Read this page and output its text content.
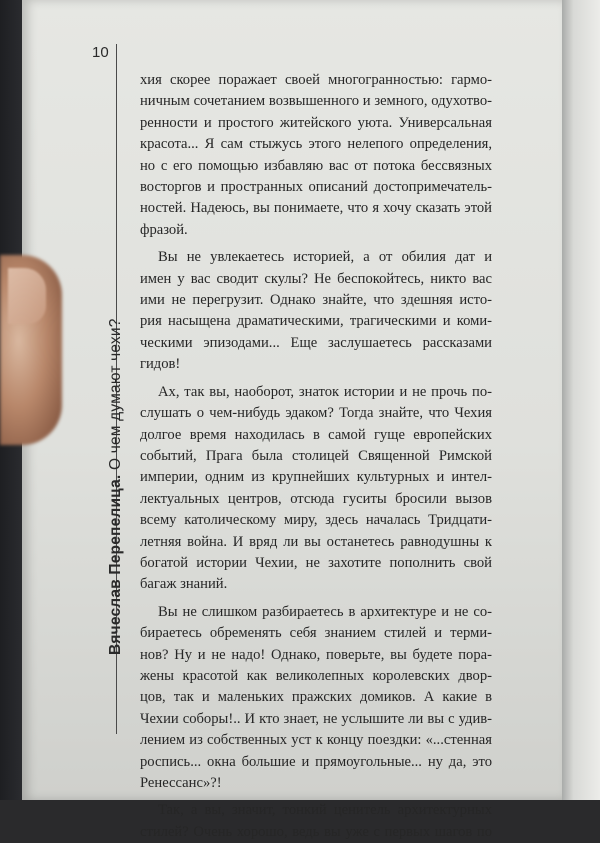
10
Вячеслав Перепелица. О чем думают чехи?

хия скорее поражает своей многогранностью: гармо-
ничным сочетанием возвышенного и земного, одухотво-
ренности и простого житейского уюта. Универсальная
красота... Я сам стыжусь этого нелепого определения,
но с его помощью избавляю вас от потока бессвязных
восторгов и пространных описаний достопримечатель-
ностей. Надеюсь, вы понимаете, что я хочу сказать этой
фразой.

Вы не увлекаетесь историей, а от обилия дат и
имен у вас сводит скулы? Не беспокойтесь, никто вас
ими не перегрузит. Однако знайте, что здешняя исто-
рия насыщена драматическими, трагическими и коми-
ческими эпизодами... Еще заслушаетесь рассказами
гидов!

Ах, так вы, наоборот, знаток истории и не прочь по-
слушать о чем-нибудь эдаком? Тогда знайте, что Чехия
долгое время находилась в самой гуще европейских
событий, Прага была столицей Священной Римской
империи, одним из крупнейших культурных и интел-
лектуальных центров, отсюда гуситы бросили вызов
всему католическому миру, здесь началась Тридцати-
летняя война. И вряд ли вы останетесь равнодушны к
богатой истории Чехии, не захотите пополнить свой
багаж знаний.

Вы не слишком разбираетесь в архитектуре и не со-
бираетесь обременять себя знанием стилей и терми-
нов? Ну и не надо! Однако, поверьте, вы будете пора-
жены красотой как великолепных королевских двор-
цов, так и маленьких пражских домиков. А какие в
Чехии соборы!.. И кто знает, не услышите ли вы с удив-
лением из собственных уст к концу поездки: «...стенная
роспись... окна большие и прямоугольные... ну да, это
Ренессанс»?!

Так, а вы, значит, тонкий ценитель архитектурных
стилей? Очень хорошо, ведь вы уже с первых шагов по
